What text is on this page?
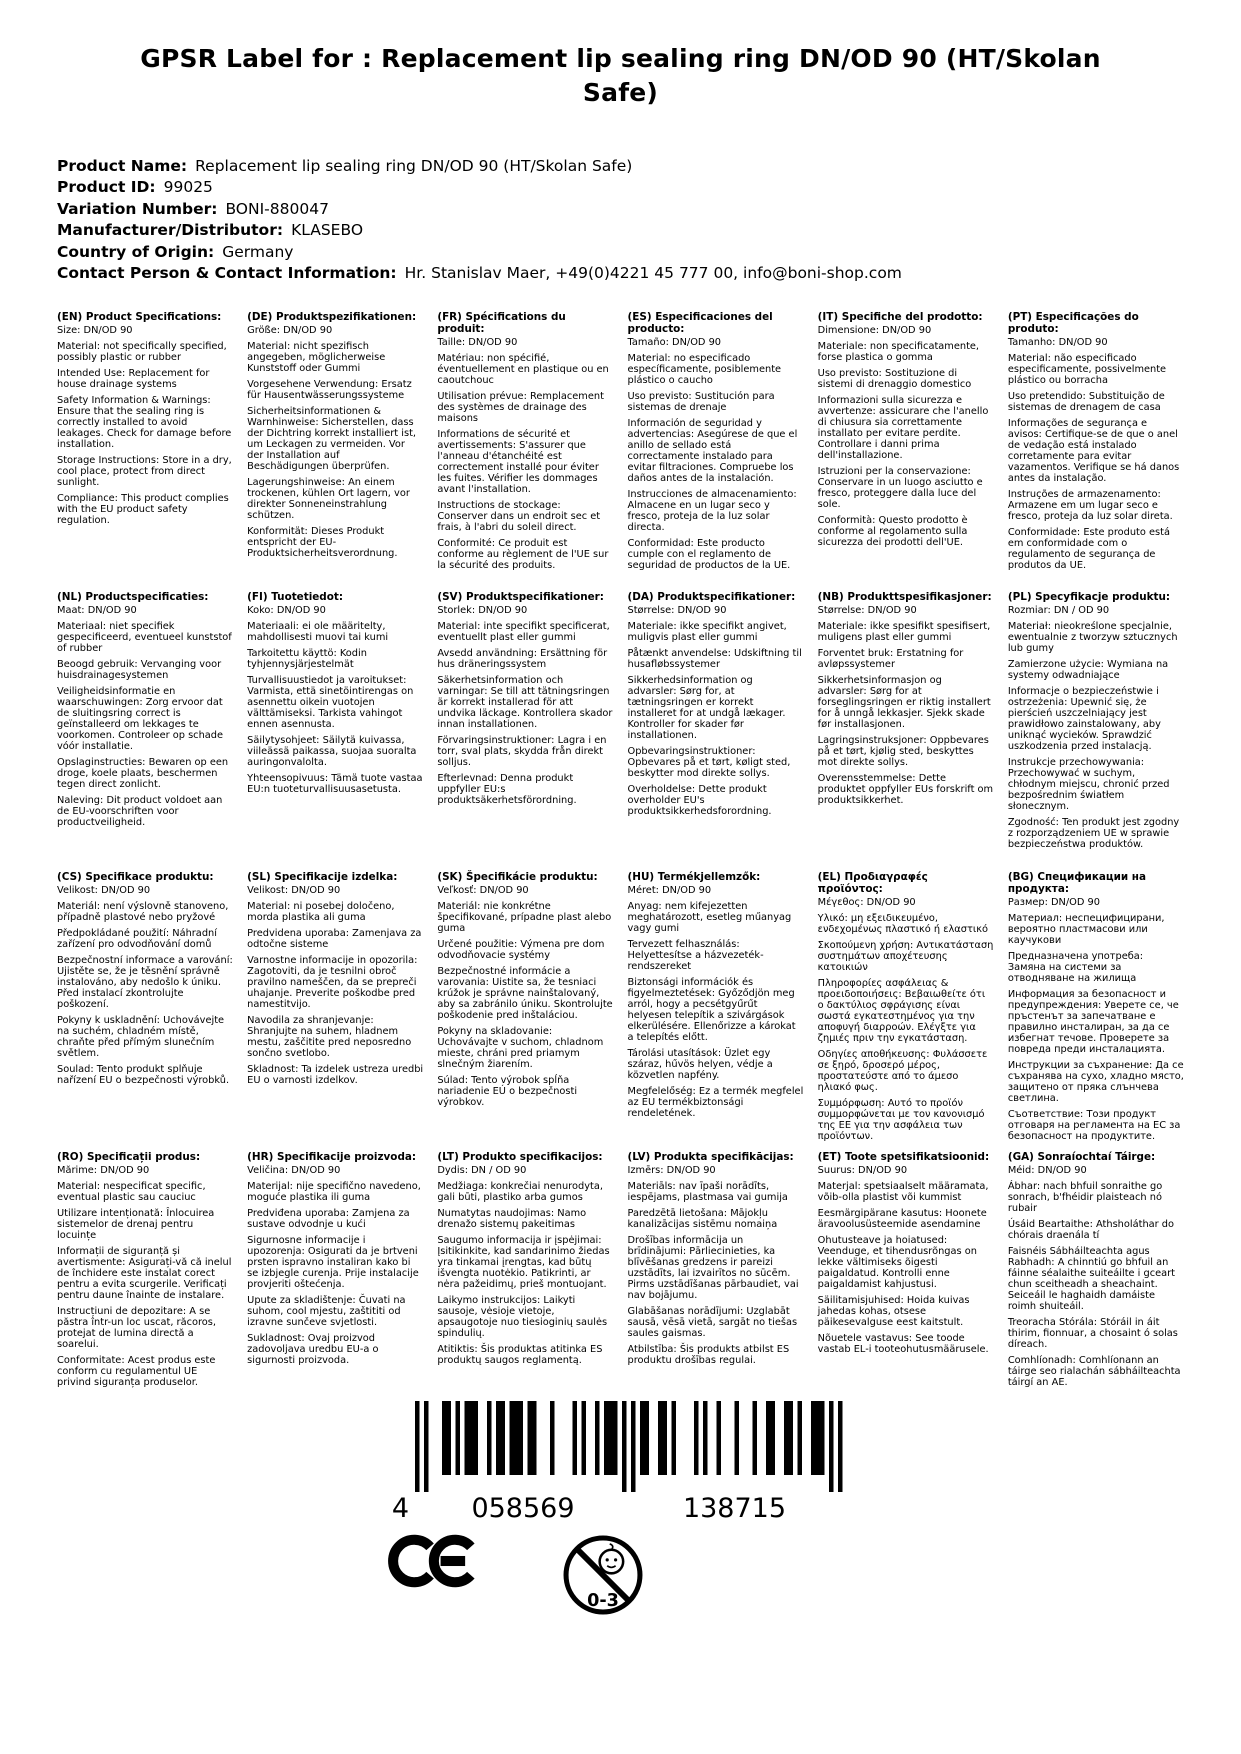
GPSR Label for : Replacement lip sealing ring DN/OD 90 (HT/Skolan Safe)
Product Name: Replacement lip sealing ring DN/OD 90 (HT/Skolan Safe)
Product ID: 99025
Variation Number: BONI-880047
Manufacturer/Distributor: KLASEBO
Country of Origin: Germany
Contact Person & Contact Information: Hr. Stanislav Maer, +49(0)4221 45 777 00, info@boni-shop.com
(EN) Product Specifications:

Size: DN/OD 90

Material: not specifically specified, possibly plastic or rubber

Intended Use: Replacement for house drainage systems

Safety Information & Warnings: Ensure that the sealing ring is correctly installed to avoid leakages. Check for damage before installation.

Storage Instructions: Store in a dry, cool place, protect from direct sunlight.

Compliance: This product complies with the EU product safety regulation.

(DE) Produktspezifikationen:

Größe: DN/OD 90

Material: nicht spezifisch angegeben, möglicherweise Kunststoff oder Gummi

Vorgesehene Verwendung: Ersatz für Hausentwässerungssysteme

Sicherheitsinformationen & Warnhinweise: Sicherstellen, dass der Dichtring korrekt installiert ist, um Leckagen zu vermeiden. Vor der Installation auf Beschädigungen überprüfen.

Lagerungshinweise: An einem trockenen, kühlen Ort lagern, vor direkter Sonneneinstrahlung schützen.

Konformität: Dieses Produkt entspricht der EU-Produktsicherheitsverordnung.

(FR) Spécifications du produit:

Taille: DN/OD 90

Matériau: non spécifié, éventuellement en plastique ou en caoutchouc

Utilisation prévue: Remplacement des systèmes de drainage des maisons

Informations de sécurité et avertissements: S'assurer que l'anneau d'étanchéité est correctement installé pour éviter les fuites. Vérifier les dommages avant l'installation.

Instructions de stockage: Conserver dans un endroit sec et frais, à l'abri du soleil direct.

Conformité: Ce produit est conforme au règlement de l'UE sur la sécurité des produits.

(ES) Especificaciones del producto:

Tamaño: DN/OD 90

Material: no especificado específicamente, posiblemente plástico o caucho

Uso previsto: Sustitución para sistemas de drenaje

Información de seguridad y advertencias: Asegúrese de que el anillo de sellado está correctamente instalado para evitar filtraciones. Compruebe los daños antes de la instalación.

Instrucciones de almacenamiento: Almacene en un lugar seco y fresco, proteja de la luz solar directa.

Conformidad: Este producto cumple con el reglamento de seguridad de productos de la UE.

(IT) Specifiche del prodotto:

Dimensione: DN/OD 90

Materiale: non specificatamente, forse plastica o gomma

Uso previsto: Sostituzione di sistemi di drenaggio domestico

Informazioni sulla sicurezza e avvertenze: assicurare che l'anello di chiusura sia correttamente installato per evitare perdite. Controllare i danni prima dell'installazione.

Istruzioni per la conservazione: Conservare in un luogo asciutto e fresco, proteggere dalla luce del sole.

Conformità: Questo prodotto è conforme al regolamento sulla sicurezza dei prodotti dell'UE.

(PT) Especificações do produto:

Tamanho: DN/OD 90

Material: não especificado especificamente, possivelmente plástico ou borracha

Uso pretendido: Substituição de sistemas de drenagem de casa

Informações de segurança e avisos: Certifique-se de que o anel de vedação está instalado corretamente para evitar vazamentos. Verifique se há danos antes da instalação.

Instruções de armazenamento: Armazene em um lugar seco e fresco, proteja da luz solar direta.

Conformidade: Este produto está em conformidade com o regulamento de segurança de produtos da UE.

(NL) Productspecificaties:

Maat: DN/OD 90

Materiaal: niet specifiek gespecificeerd, eventueel kunststof of rubber

Beoogd gebruik: Vervanging voor huisdrainagesystemen

Veiligheidsinformatie en waarschuwingen: Zorg ervoor dat de sluitingsring correct is geïnstalleerd om lekkages te voorkomen. Controleer op schade vóór installatie.

Opslaginstructies: Bewaren op een droge, koele plaats, beschermen tegen direct zonlicht.

Naleving: Dit product voldoet aan de EU-voorschriften voor productveiligheid.

(FI) Tuotetiedot:

Koko: DN/OD 90

Materiaali: ei ole määritelty, mahdollisesti muovi tai kumi

Tarkoitettu käyttö: Kodin tyhjennysjärjestelmät

Turvallisuustiedot ja varoitukset: Varmista, että sinetöintirengas on asennettu oikein vuotojen välttämiseksi. Tarkista vahingot ennen asennusta.

Säilytysohjeet: Säilytä kuivassa, viileässä paikassa, suojaa suoralta auringonvalolta.

Yhteensopivuus: Tämä tuote vastaa EU:n tuoteturvallisuusasetusta.

(SV) Produktspecifikationer:

Storlek: DN/OD 90

Material: inte specifikt specificerat, eventuellt plast eller gummi

Avsedd användning: Ersättning för hus dräneringssystem

Säkerhetsinformation och varningar: Se till att tätningsringen är korrekt installerad för att undvika läckage. Kontrollera skador innan installationen.

Förvaringsinstruktioner: Lagra i en torr, sval plats, skydda från direkt solljus.

Efterlevnad: Denna produkt uppfyller EU:s produktsäkerhetsförordning.

(DA) Produktspecifikationer:

Størrelse: DN/OD 90

Materiale: ikke specifikt angivet, muligvis plast eller gummi

Påtænkt anvendelse: Udskiftning til husafløbssystemer

Sikkerhedsinformation og advarsler: Sørg for, at tætningsringen er korrekt installeret for at undgå lækager. Kontroller for skader før installationen.

Opbevaringsinstruktioner: Opbevares på et tørt, køligt sted, beskytter mod direkte sollys.

Overholdelse: Dette produkt overholder EU's produktsikkerhedsforordning.

(NB) Produkttspesifikasjoner:

Størrelse: DN/OD 90

Materiale: ikke spesifikt spesifisert, muligens plast eller gummi

Forventet bruk: Erstatning for avløpssystemer

Sikkerhetsinformasjon og advarsler: Sørg for at forseglingsringen er riktig installert for å unngå lekkasjer. Sjekk skade før installasjonen.

Lagringsinstruksjoner: Oppbevares på et tørt, kjølig sted, beskyttes mot direkte sollys.

Overensstemmelse: Dette produktet oppfyller EUs forskrift om produktsikkerhet.

(PL) Specyfikacje produktu:

Rozmiar: DN / OD 90

Materiał: nieokreślone specjalnie, ewentualnie z tworzyw sztucznych lub gumy

Zamierzone użycie: Wymiana na systemy odwadniające

Informacje o bezpieczeństwie i ostrzeżenia: Upewnić się, że pierścień uszczelniający jest prawidłowo zainstalowany, aby uniknąć wycieków. Sprawdzić uszkodzenia przed instalacją.

Instrukcje przechowywania: Przechowywać w suchym, chłodnym miejscu, chronić przed bezpośrednim światłem słonecznym.

Zgodność: Ten produkt jest zgodny z rozporządzeniem UE w sprawie bezpieczeństwa produktów.

(CS) Specifikace produktu:

Velikost: DN/OD 90

Materiál: není výslovně stanoveno, případně plastové nebo pryžové

Předpokládané použití: Náhradní zařízení pro odvodňování domů

Bezpečnostní informace a varování: Ujistěte se, že je těsnění správně instalováno, aby nedošlo k úniku. Před instalací zkontrolujte poškození.

Pokyny k uskladnění: Uchovávejte na suchém, chladném místě, chraňte před přímým slunečním světlem.

Soulad: Tento produkt splňuje nařízení EU o bezpečnosti výrobků.

(SL) Specifikacije izdelka:

Velikost: DN/OD 90

Material: ni posebej določeno, morda plastika ali guma

Predvidena uporaba: Zamenjava za odtočne sisteme

Varnostne informacije in opozorila: Zagotoviti, da je tesnilni obroč pravilno nameščen, da se prepreči uhajanje. Preverite poškodbe pred namestitvijo.

Navodila za shranjevanje: Shranjujte na suhem, hladnem mestu, zaščitite pred neposredno sončno svetlobo.

Skladnost: Ta izdelek ustreza uredbi EU o varnosti izdelkov.

(SK) Špecifikácie produktu:

Veľkosť: DN/OD 90

Materiál: nie konkrétne špecifikované, prípadne plast alebo guma

Určené použitie: Výmena pre dom odvodňovacie systémy

Bezpečnostné informácie a varovania: Uistite sa, že tesniaci krúžok je správne nainštalovaný, aby sa zabránilo úniku. Skontrolujte poškodenie pred inštaláciou.

Pokyny na skladovanie: Uchovávajte v suchom, chladnom mieste, chráni pred priamym slnečným žiarením.

Súlad: Tento výrobok spĺňa nariadenie EÚ o bezpečnosti výrobkov.

(HU) Termékjellemzők:

Méret: DN/OD 90

Anyag: nem kifejezetten meghatározott, esetleg műanyag vagy gumi

Tervezett felhasználás: Helyettesítse a házvezeték-rendszereket

Biztonsági információk és figyelmeztetések: Győződjön meg arról, hogy a pecsétgyűrűt helyesen telepítik a szivárgások elkerülésére. Ellenőrizze a károkat a telepítés előtt.

Tárolási utasítások: Üzlet egy száraz, hűvös helyen, védje a közvetlen napfény.

Megfelelőség: Ez a termék megfelel az EU termékbiztonsági rendeletének.

(EL) Προδιαγραφές προϊόντος:

Μέγεθος: DN/OD 90

Υλικό: μη εξειδικευμένο, ενδεχομένως πλαστικό ή ελαστικό

Σκοπούμενη χρήση: Αντικατάσταση συστημάτων αποχέτευσης κατοικιών

Πληροφορίες ασφάλειας & προειδοποιήσεις: Βεβαιωθείτε ότι ο δακτύλιος σφράγισης είναι σωστά εγκατεστημένος για την αποφυγή διαρροών. Ελέγξτε για ζημιές πριν την εγκατάσταση.

Οδηγίες αποθήκευσης: Φυλάσσετε σε ξηρό, δροσερό μέρος, προστατεύστε από το άμεσο ηλιακό φως.

Συμμόρφωση: Αυτό το προϊόν συμμορφώνεται με τον κανονισμό της ΕΕ για την ασφάλεια των προϊόντων.

(BG) Спецификации на продукта:

Размер: DN/OD 90

Материал: неспецифицирани, вероятно пластмасови или каучукови

Предназначена употреба: Замяна на системи за отводняване на жилища

Информация за безопасност и предупреждения: Уверете се, че пръстенът за запечатване е правилно инсталиран, за да се избегнат течове. Проверете за повреда преди инсталацията.

Инструкции за съхранение: Да се съхранява на сухо, хладно място, защитено от пряка слънчева светлина.

Съответствие: Този продукт отговаря на регламента на ЕС за безопасност на продуктите.

(RO) Specificații produs:

Mărime: DN/OD 90

Material: nespecificat specific, eventual plastic sau cauciuc

Utilizare intenționată: Înlocuirea sistemelor de drenaj pentru locuințe

Informații de siguranță și avertismente: Asigurați-vă că inelul de închidere este instalat corect pentru a evita scurgerile. Verificați pentru daune înainte de instalare.

Instrucțiuni de depozitare: A se păstra într-un loc uscat, răcoros, protejat de lumina directă a soarelui.

Conformitate: Acest produs este conform cu regulamentul UE privind siguranța produselor.

(HR) Specifikacije proizvoda:

Veličina: DN/OD 90

Materijal: nije specifično navedeno, moguće plastika ili guma

Predviđena uporaba: Zamjena za sustave odvodnje u kući

Sigurnosne informacije i upozorenja: Osigurati da je brtveni prsten ispravno instaliran kako bi se izbjegle curenja. Prije instalacije provjeriti oštećenja.

Upute za skladištenje: Čuvati na suhom, cool mjestu, zaštititi od izravne sunčeve svjetlosti.

Sukladnost: Ovaj proizvod zadovoljava uredbu EU-a o sigurnosti proizvoda.

(LT) Produkto specifikacijos:

Dydis: DN / OD 90

Medžiaga: konkrečiai nenurodyta, gali būti, plastiko arba gumos

Numatytas naudojimas: Namo drenažo sistemų pakeitimas

Saugumo informacija ir įspėjimai: Įsitikinkite, kad sandarinimo žiedas yra tinkamai įrengtas, kad būtų išvengta nuotėkio. Patikrinti, ar nėra pažeidimų, prieš montuojant.

Laikymo instrukcijos: Laikyti sausoje, vėsioje vietoje, apsaugotoje nuo tiesioginių saulės spindulių.

Atitiktis: Šis produktas atitinka ES produktų saugos reglamentą.

(LV) Produkta specifikācijas:

Izmērs: DN/OD 90

Materiāls: nav īpaši norādīts, iespējams, plastmasa vai gumija

Paredzētā lietošana: Mājokļu kanalizācijas sistēmu nomaiņa

Drošības informācija un brīdinājumi: Pārliecinieties, ka blīvēšanas gredzens ir pareizi uzstādīts, lai izvairītos no sūcēm. Pirms uzstādīšanas pārbaudiet, vai nav bojājumu.

Glabāšanas norādījumi: Uzglabāt sausā, vēsā vietā, sargāt no tiešas saules gaismas.

Atbilstība: Šis produkts atbilst ES produktu drošības regulai.

(ET) Toote spetsifikatsioonid:

Suurus: DN/OD 90

Materjal: spetsiaalselt määramata, võib-olla plastist või kummist

Eesmärgipärane kasutus: Hoonete äravoolusüsteemide asendamine

Ohutusteave ja hoiatused: Veenduge, et tihendusrõngas on lekke vältimiseks õigesti paigaldatud. Kontrolli enne paigaldamist kahjustusi.

Säilitamisjuhised: Hoida kuivas jahedas kohas, otsese päikesevalguse eest kaitstult.

Nõuetele vastavus: See toode vastab EL-i tooteohutusmäärusele.

(GA) Sonraíochtaí Táirge:

Méid: DN/OD 90

Ábhar: nach bhfuil sonraithe go sonrach, b'fhéidir plaisteach nó rubair

Úsáid Beartaithe: Athsholáthar do chórais draenála tí

Faisnéis Sábháilteachta agus Rabhadh: A chinntiú go bhfuil an fáinne séalaithe suiteáilte i gceart chun sceitheadh a sheachaint. Seiceáil le haghaidh damáiste roimh shuiteáil.

Treoracha Stórála: Stóráil in áit thirim, fionnuar, a chosaint ó solas díreach.

Comhlíonadh: Comhlíonann an táirge seo rialachán sábháilteachta táirgí an AE.

4 058569	138715
0-3
